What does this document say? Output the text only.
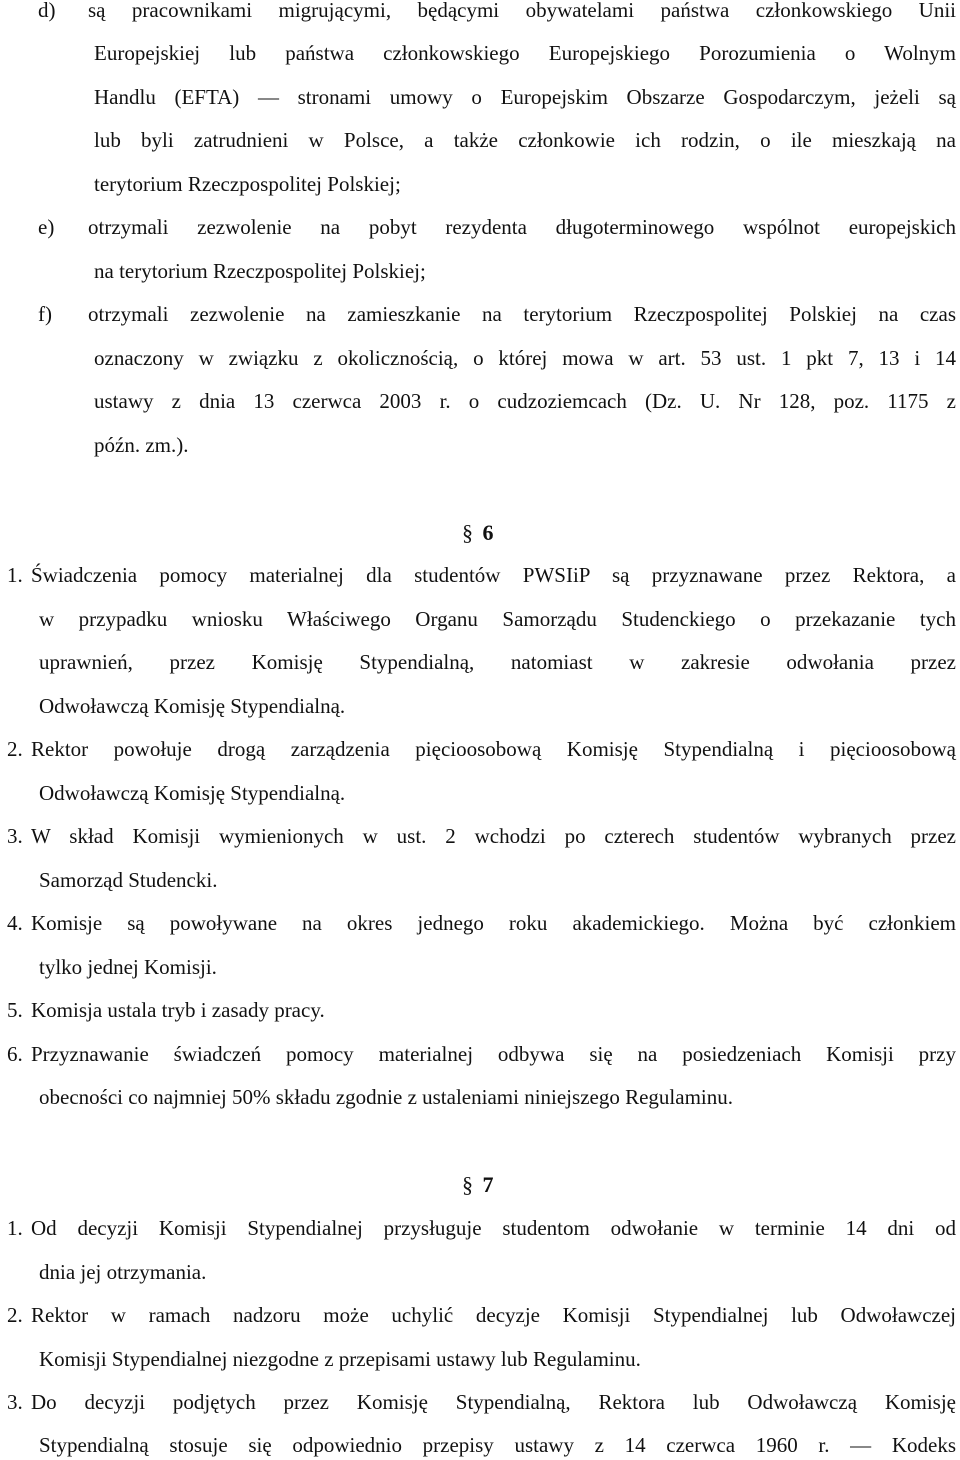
d) są pracownikami migrującymi, będącymi obywatelami państwa członkowskiego Unii

Europejskiej lub państwa członkowskiego Europejskiego Porozumienia o Wolnym

Handlu (EFTA) — stronami umowy o Europejskim Obszarze Gospodarczym, jeżeli są

lub byli zatrudnieni w Polsce, a także członkowie ich rodzin, o ile mieszkają na

terytorium Rzeczpospolitej Polskiej;

e) otrzymali zezwolenie na pobyt rezydenta długoterminowego wspólnot europejskich

na terytorium Rzeczpospolitej Polskiej;

f) otrzymali zezwolenie na zamieszkanie na terytorium Rzeczpospolitej Polskiej na czas

oznaczony w związku z okolicznością, o której mowa w art. 53 ust. 1 pkt 7, 13 i 14

ustawy z dnia 13 czerwca 2003 r. o cudzoziemcach (Dz. U. Nr 128, poz. 1175 z

późn. zm.).

§ 6
1. Świadczenia pomocy materialnej dla studentów PWSIiP są przyznawane przez Rektora, a

w przypadku wniosku Właściwego Organu Samorządu Studenckiego o przekazanie tych

uprawnień, przez Komisję Stypendialną, natomiast w zakresie odwołania przez

Odwoławczą Komisję Stypendialną.

2. Rektor powołuje drogą zarządzenia pięcioosobową Komisję Stypendialną i pięcioosobową

Odwoławczą Komisję Stypendialną.

3. W skład Komisji wymienionych w ust. 2 wchodzi po czterech studentów wybranych przez

Samorząd Studencki.

4. Komisje są powoływane na okres jednego roku akademickiego. Można być członkiem

tylko jednej Komisji.

5. Komisja ustala tryb i zasady pracy.

6. Przyznawanie świadczeń pomocy materialnej odbywa się na posiedzeniach Komisji przy

obecności co najmniej 50% składu zgodnie z ustaleniami niniejszego Regulaminu.

§ 7
1. Od decyzji Komisji Stypendialnej przysługuje studentom odwołanie w terminie 14 dni od

dnia jej otrzymania.

2. Rektor w ramach nadzoru może uchylić decyzje Komisji Stypendialnej lub Odwoławczej

Komisji Stypendialnej niezgodne z przepisami ustawy lub Regulaminu.

3. Do decyzji podjętych przez Komisję Stypendialną, Rektora lub Odwoławczą Komisję

Stypendialną stosuje się odpowiednio przepisy ustawy z 14 czerwca 1960 r. — Kodeks
